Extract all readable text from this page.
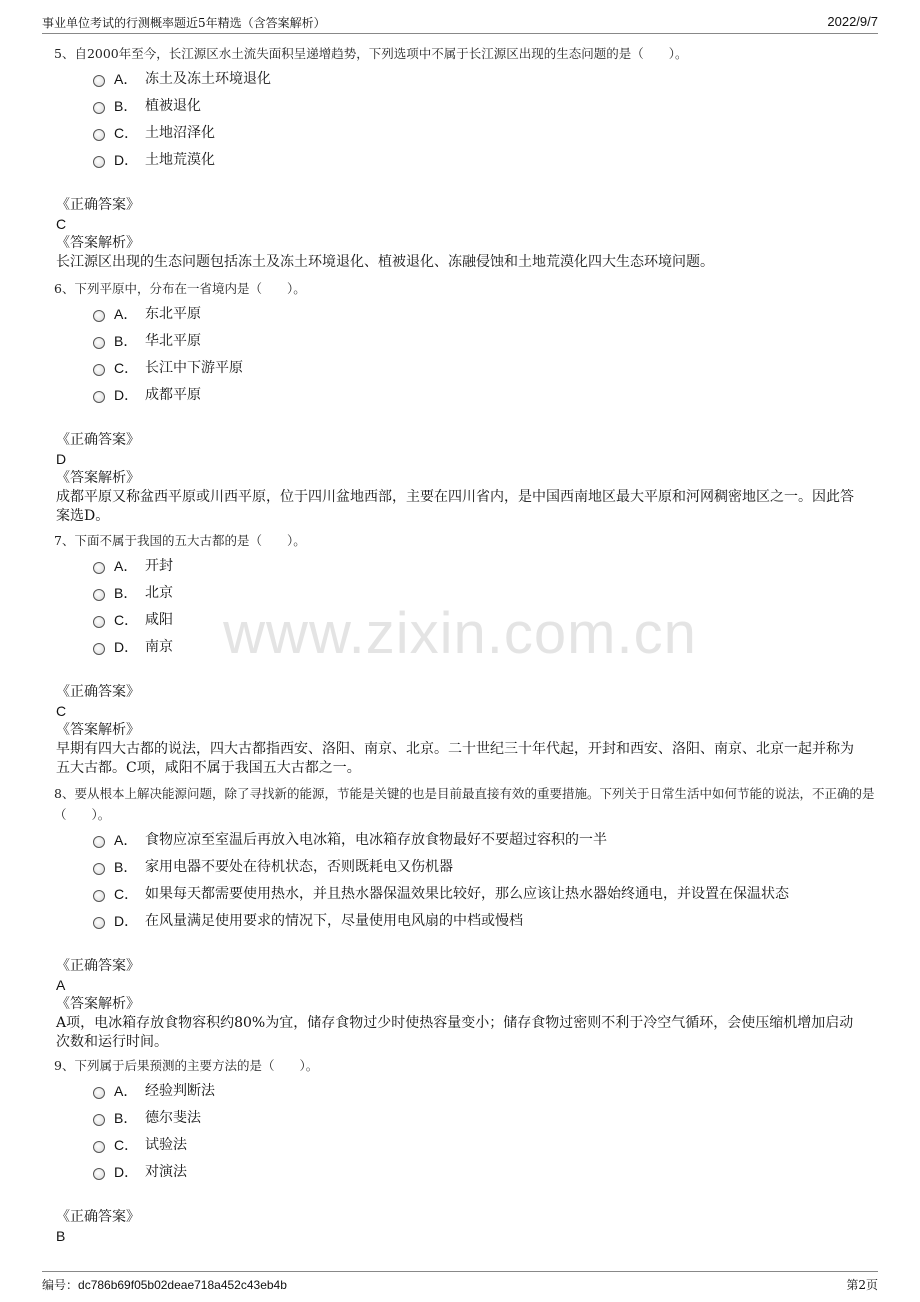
事业单位考试的行测概率题近5年精选（含答案解析）	2022/9/7
www.zixin.com.cn
5、自2000年至今，长江源区水土流失面积呈递增趋势，下列选项中不属于长江源区出现的生态问题的是（　　）。
A． 冻土及冻土环境退化
B． 植被退化
C． 土地沼泽化
D． 土地荒漠化
《正确答案》
C
《答案解析》
长江源区出现的生态问题包括冻土及冻土环境退化、植被退化、冻融侵蚀和土地荒漠化四大生态环境问题。
6、下列平原中，分布在一省境内是（　　）。
A． 东北平原
B． 华北平原
C． 长江中下游平原
D． 成都平原
《正确答案》
D
《答案解析》
成都平原又称盆西平原或川西平原，位于四川盆地西部，主要在四川省内，是中国西南地区最大平原和河网稠密地区之一。因此答案选D。
7、下面不属于我国的五大古都的是（　　）。
A． 开封
B． 北京
C． 咸阳
D． 南京
《正确答案》
C
《答案解析》
早期有四大古都的说法，四大古都指西安、洛阳、南京、北京。二十世纪三十年代起，开封和西安、洛阳、南京、北京一起并称为五大古都。C项，咸阳不属于我国五大古都之一。
8、要从根本上解决能源问题，除了寻找新的能源，节能是关键的也是目前最直接有效的重要措施。下列关于日常生活中如何节能的说法，不正确的是（　　）。
A． 食物应凉至室温后再放入电冰箱，电冰箱存放食物最好不要超过容积的一半
B． 家用电器不要处在待机状态，否则既耗电又伤机器
C． 如果每天都需要使用热水，并且热水器保温效果比较好，那么应该让热水器始终通电，并设置在保温状态
D． 在风量满足使用要求的情况下，尽量使用电风扇的中档或慢档
《正确答案》
A
《答案解析》
A项，电冰箱存放食物容积约80%为宜，储存食物过少时使热容量变小；储存食物过密则不利于冷空气循环，会使压缩机增加启动次数和运行时间。
9、下列属于后果预测的主要方法的是（　　）。
A． 经验判断法
B． 德尔斐法
C． 试验法
D． 对演法
《正确答案》
B
编号：dc786b69f05b02deae718a452c43eb4b	第2页
